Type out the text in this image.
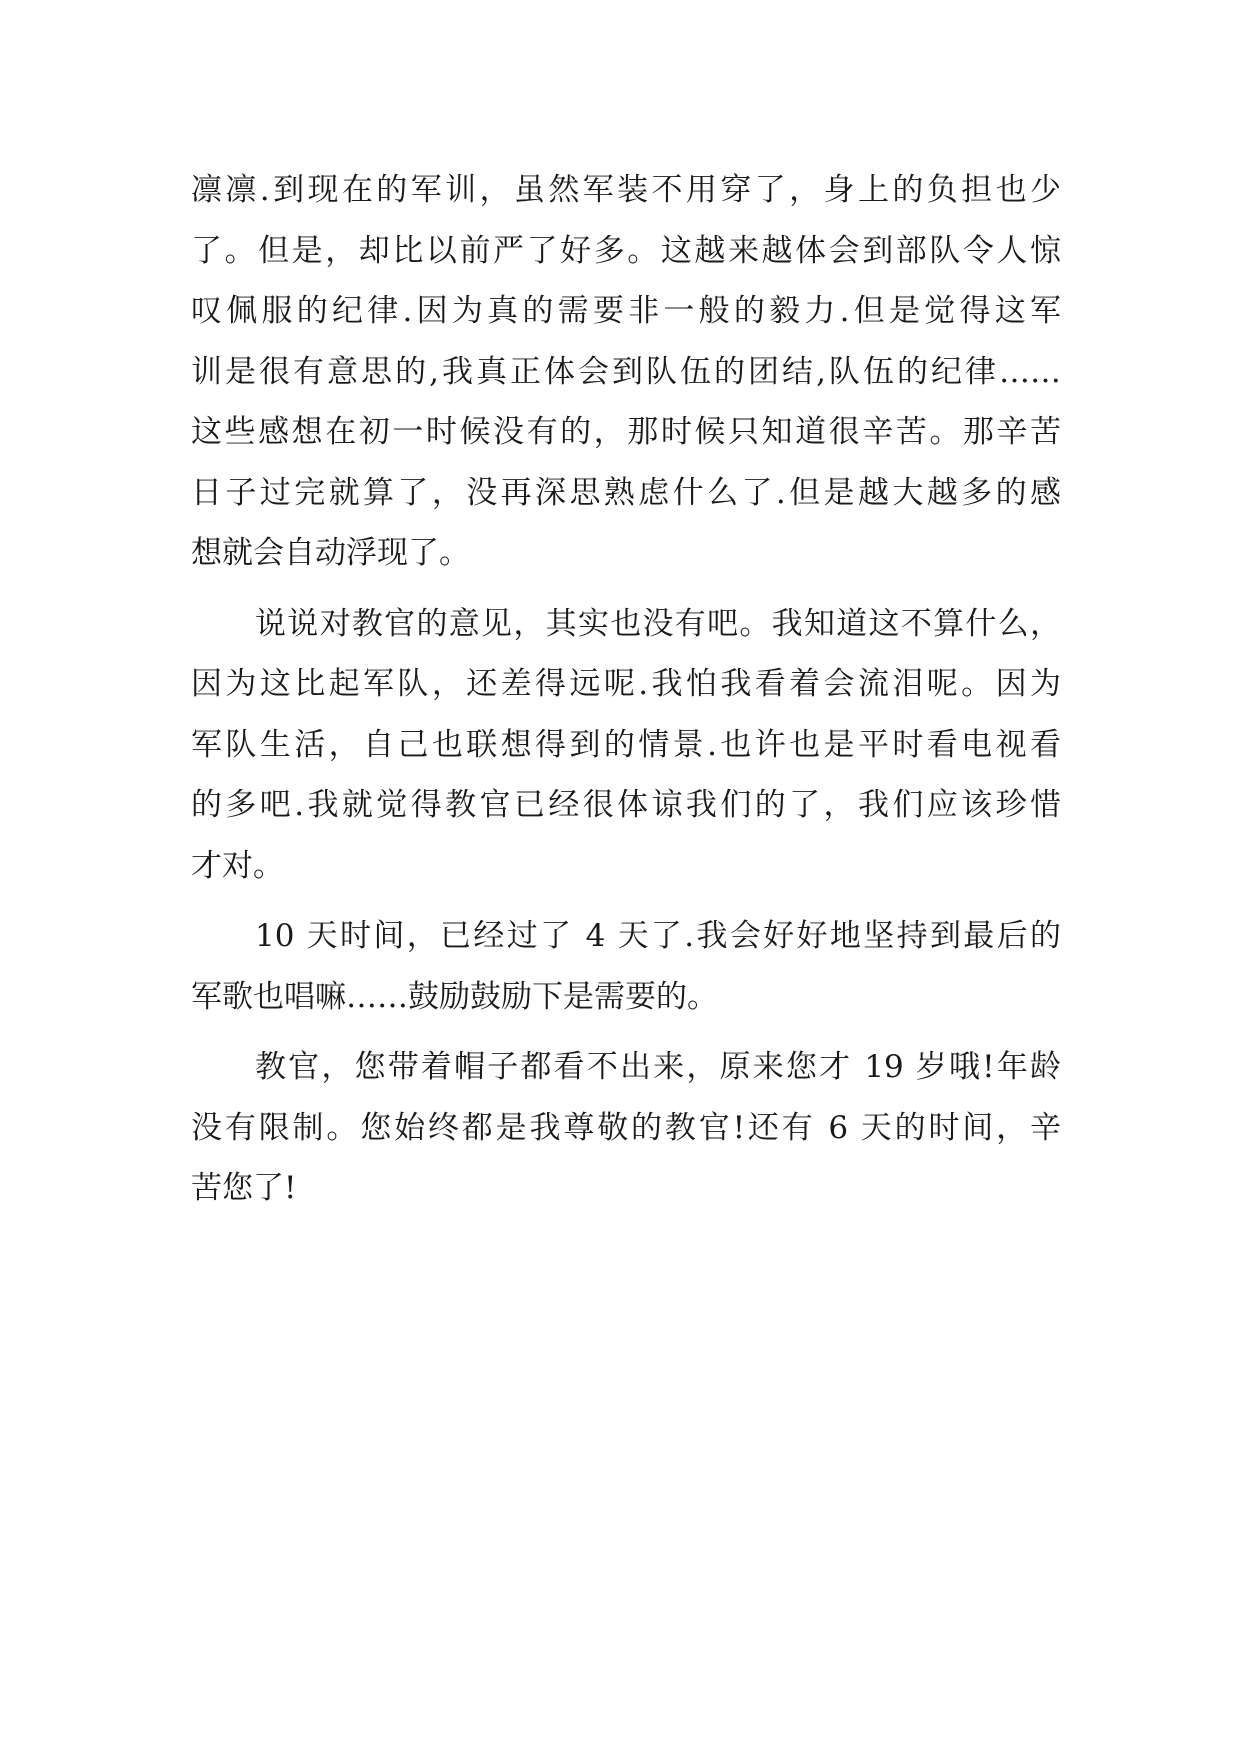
凛凛.到现在的军训，虽然军装不用穿了，身上的负担也少
了。但是，却比以前严了好多。这越来越体会到部队令人惊
叹佩服的纪律.因为真的需要非一般的毅力.但是觉得这军
训是很有意思的,我真正体会到队伍的团结,队伍的纪律……
这些感想在初一时候没有的，那时候只知道很辛苦。那辛苦
日子过完就算了，没再深思熟虑什么了.但是越大越多的感
想就会自动浮现了。
说说对教官的意见，其实也没有吧。我知道这不算什么，
因为这比起军队，还差得远呢.我怕我看着会流泪呢。因为
军队生活，自己也联想得到的情景.也许也是平时看电视看
的多吧.我就觉得教官已经很体谅我们的了，我们应该珍惜
才对。
10 天时间，已经过了 4 天了.我会好好地坚持到最后的
军歌也唱嘛……鼓励鼓励下是需要的。
教官，您带着帽子都看不出来，原来您才 19 岁哦!年龄
没有限制。您始终都是我尊敬的教官!还有 6 天的时间，辛
苦您了!
